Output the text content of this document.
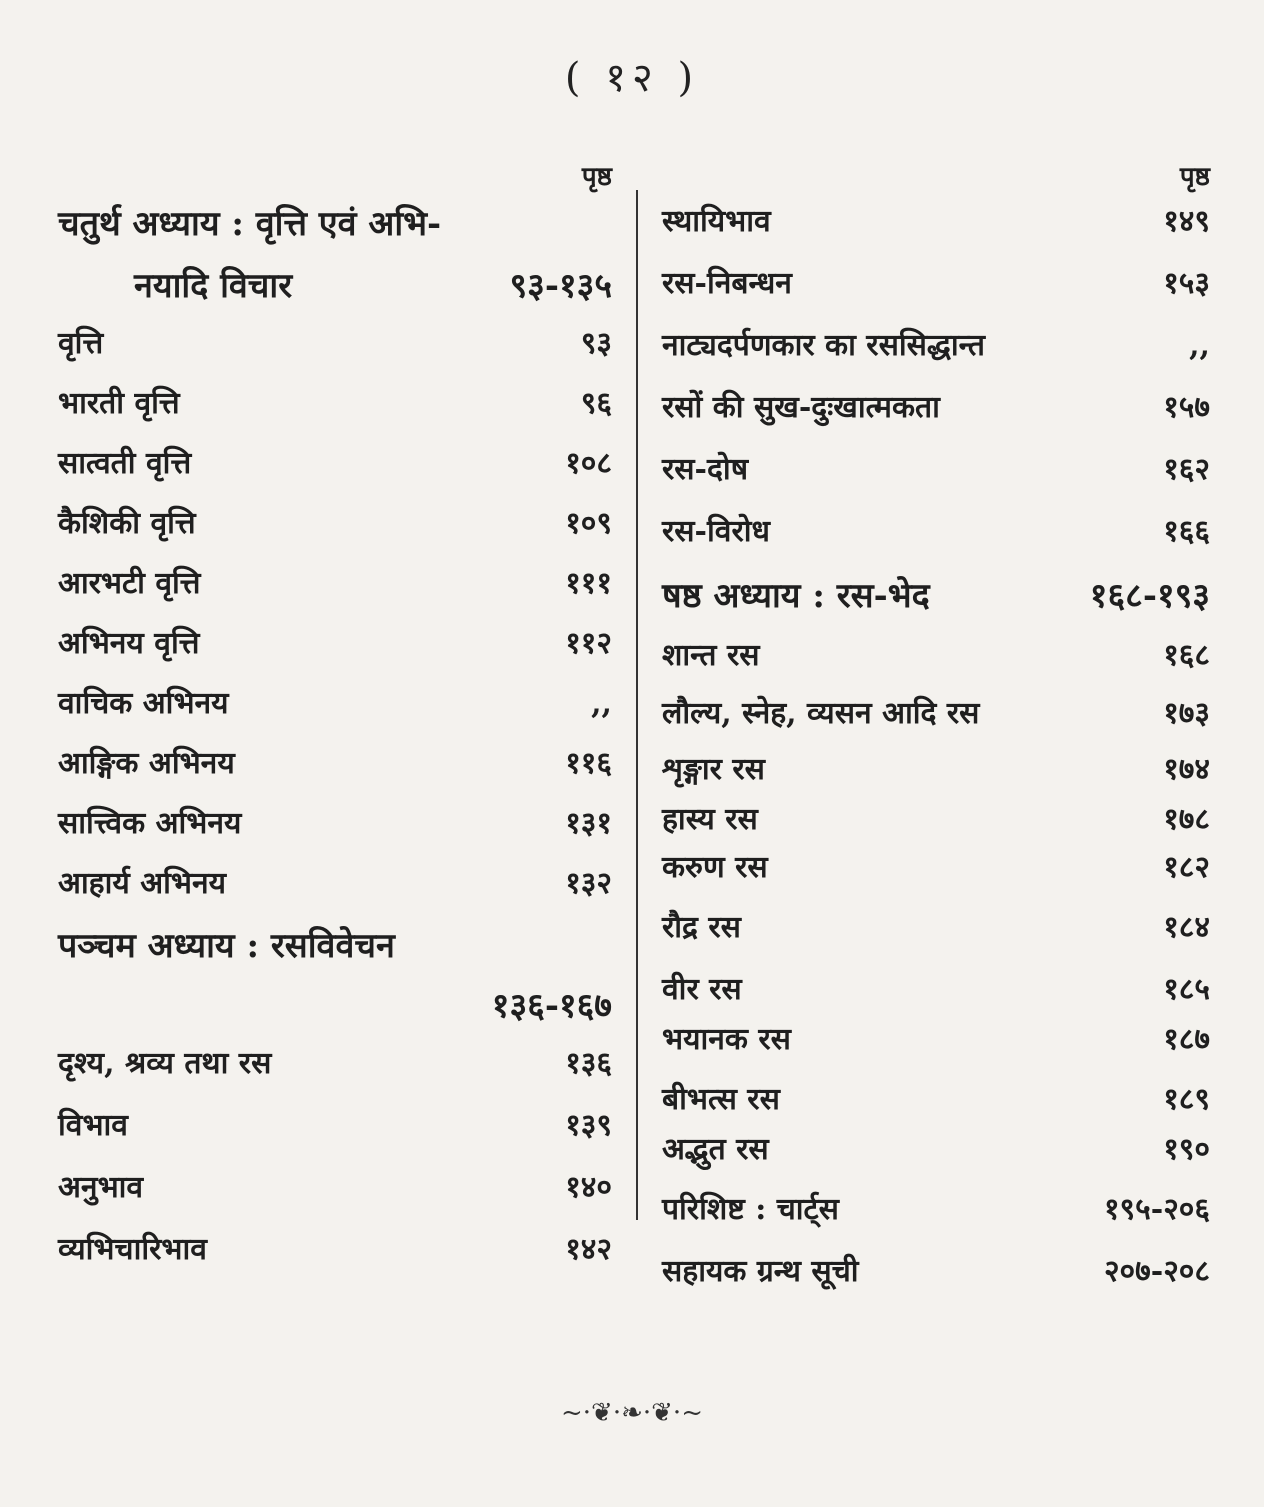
( १२ )
पृष्ठ
चतुर्थ अध्याय : वृत्ति एवं अभि-
नयादि विचार	९३-१३५
वृत्ति	९३
भारती वृत्ति	९६
सात्वती वृत्ति	१०८
कैशिकी वृत्ति	१०९
आरभटी वृत्ति	१११
अभिनय वृत्ति	११२
वाचिक अभिनय	,,
आङ्गिक अभिनय	११६
सात्त्विक अभिनय	१३१
आहार्य अभिनय	१३२
पञ्चम अध्याय : रसविवेचन
१३६-१६७
दृश्य, श्रव्य तथा रस	१३६
विभाव	१३९
अनुभाव	१४०
व्यभिचारिभाव	१४२
पृष्ठ
स्थायिभाव	१४९
रस-निबन्धन	१५३
नाट्यदर्पणकार का रससिद्धान्त	,,
रसों की सुख-दुःखात्मकता	१५७
रस-दोष	१६२
रस-विरोध	१६६
षष्ठ अध्याय : रस-भेद	१६८-१९३
शान्त रस	१६८
लौल्य, स्नेह, व्यसन आदि रस	१७३
शृङ्गार रस	१७४
हास्य रस	१७८
करुण रस	१८२
रौद्र रस	१८४
वीर रस	१८५
भयानक रस	१८७
बीभत्स रस	१८९
अद्भुत रस	१९०
परिशिष्ट : चार्ट्स	१९५-२०६
सहायक ग्रन्थ सूची	२०७-२०८
~·❦·❧·❦·~
